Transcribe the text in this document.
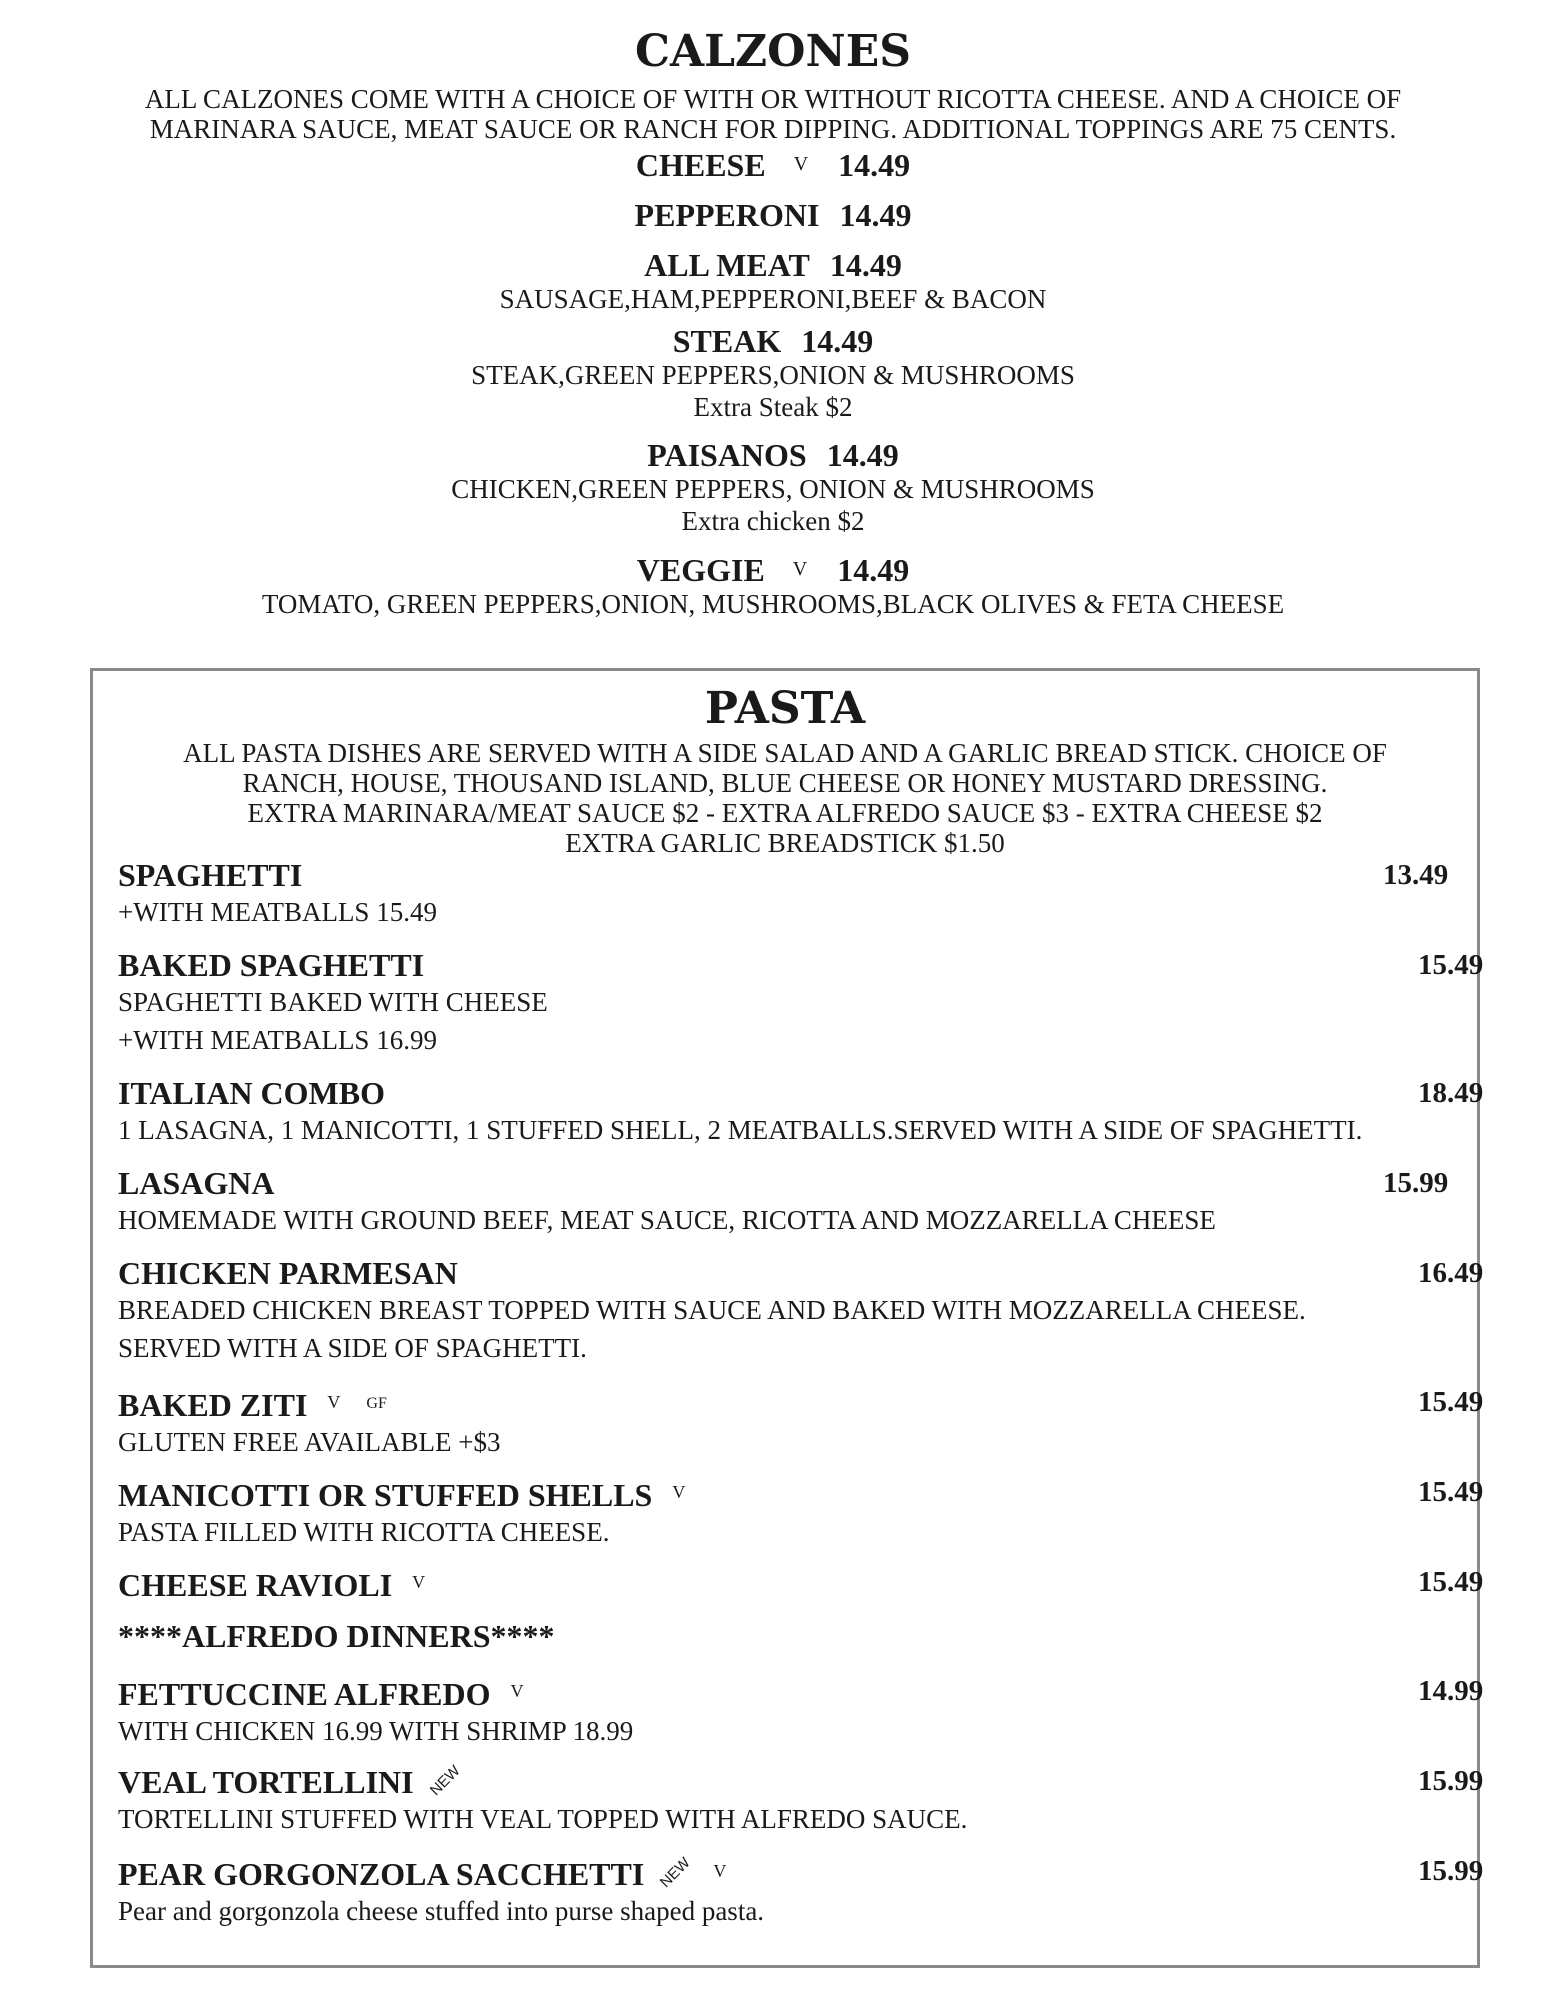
CALZONES
ALL CALZONES COME WITH A CHOICE OF WITH OR WITHOUT RICOTTA CHEESE. AND A CHOICE OF
MARINARA SAUCE, MEAT SAUCE OR RANCH FOR DIPPING. ADDITIONAL TOPPINGS ARE 75 CENTS.
CHEESE V 14.49
PEPPERONI 14.49
ALL MEAT 14.49
SAUSAGE,HAM,PEPPERONI,BEEF & BACON
STEAK 14.49
STEAK,GREEN PEPPERS,ONION & MUSHROOMS
Extra Steak $2
PAISANOS 14.49
CHICKEN,GREEN PEPPERS, ONION & MUSHROOMS
Extra chicken $2
VEGGIE V 14.49
TOMATO, GREEN PEPPERS,ONION, MUSHROOMS,BLACK OLIVES & FETA CHEESE
PASTA
ALL PASTA DISHES ARE SERVED WITH A SIDE SALAD AND A GARLIC BREAD STICK. CHOICE OF
RANCH, HOUSE, THOUSAND ISLAND, BLUE CHEESE OR HONEY MUSTARD DRESSING.
EXTRA MARINARA/MEAT SAUCE $2 - EXTRA ALFREDO SAUCE $3 - EXTRA CHEESE $2
EXTRA GARLIC BREADSTICK $1.50
SPAGHETTI	13.49
+WITH MEATBALLS 15.49
BAKED SPAGHETTI	15.49
SPAGHETTI BAKED WITH CHEESE
+WITH MEATBALLS 16.99
ITALIAN COMBO	18.49
1 LASAGNA, 1 MANICOTTI, 1 STUFFED SHELL, 2 MEATBALLS.SERVED WITH A SIDE OF SPAGHETTI.
LASAGNA	15.99
HOMEMADE WITH GROUND BEEF, MEAT SAUCE, RICOTTA AND MOZZARELLA CHEESE
CHICKEN PARMESAN	16.49
BREADED CHICKEN BREAST TOPPED WITH SAUCE AND BAKED WITH MOZZARELLA CHEESE.
SERVED WITH A SIDE OF SPAGHETTI.
BAKED ZITI $^V$ $^{GF}$	15.49
GLUTEN FREE AVAILABLE +$3
MANICOTTI OR STUFFED SHELLS $^V$	15.49
PASTA FILLED WITH RICOTTA CHEESE.
CHEESE RAVIOLI $^V$	15.49
****ALFREDO DINNERS****
FETTUCCINE ALFREDO $^V$	14.99
WITH CHICKEN 16.99 WITH SHRIMP 18.99
VEAL TORTELLINI NEW	15.99
TORTELLINI STUFFED WITH VEAL TOPPED WITH ALFREDO SAUCE.
PEAR GORGONZOLA SACCHETTI NEW $^V$	15.99
Pear and gorgonzola cheese stuffed into purse shaped pasta.
